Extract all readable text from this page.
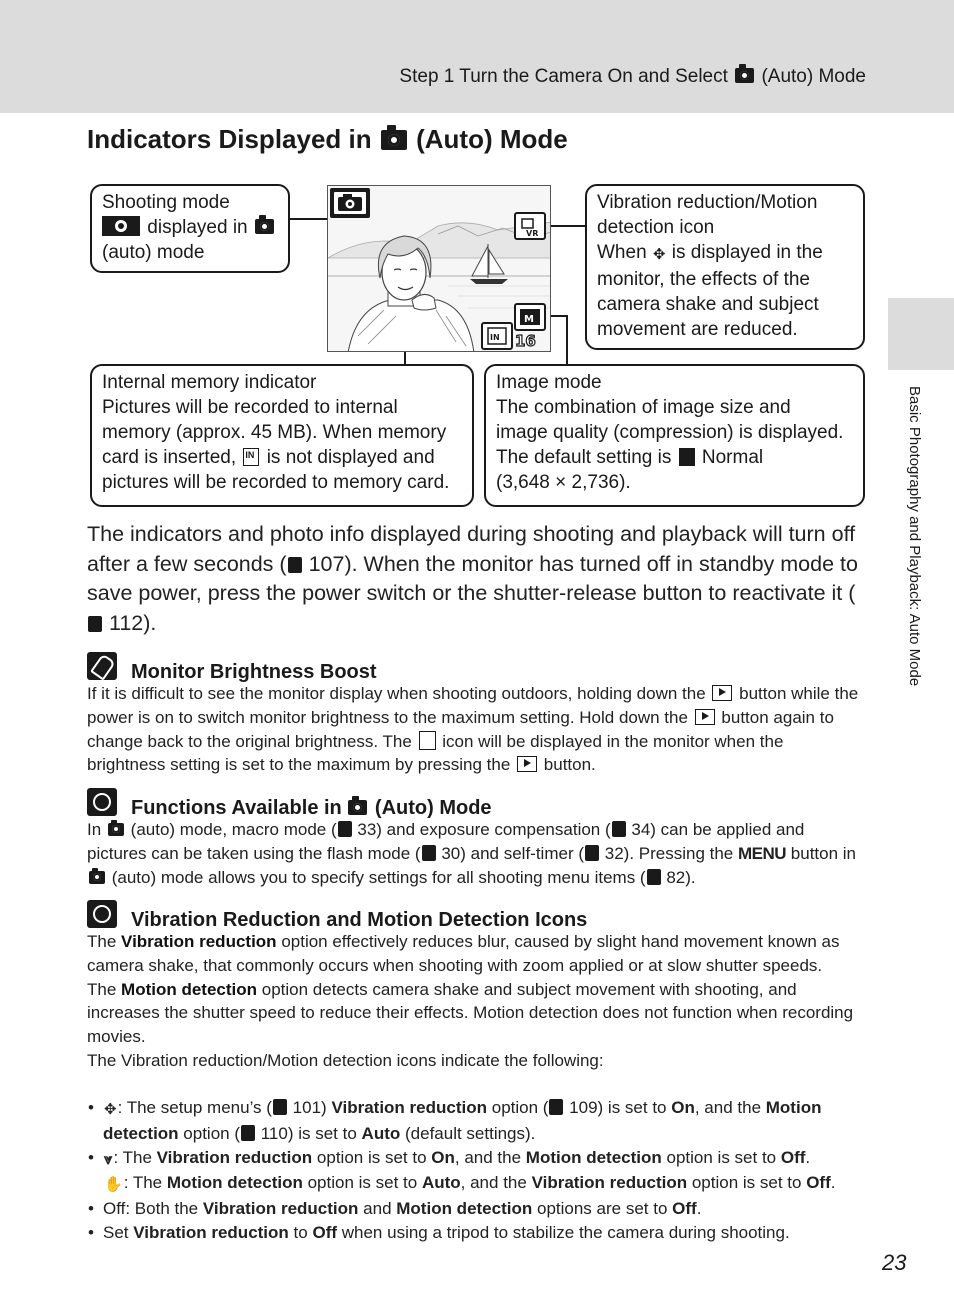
Step 1 Turn the Camera On and Select (Auto) Mode
Indicators Displayed in (Auto) Mode
Basic Photography and Playback: Auto Mode
VR
M
IN 16
Shooting mode
displayed in
(auto) mode
Vibration reduction/Motion
detection icon
When ✥ is displayed in the
monitor, the effects of the
camera shake and subject
movement are reduced.
Internal memory indicator
Pictures will be recorded to internal
memory (approx. 45 MB). When memory
card is inserted, IN is not displayed and
pictures will be recorded to memory card.
Image mode
The combination of image size and
image quality (compression) is displayed.
The default setting is Normal
(3,648 × 2,736).

The indicators and photo info displayed during shooting and playback will turn off after a few seconds ( 107). When the monitor has turned off in standby mode to save power, press the power switch or the shutter-release button to reactivate it ( 112).

Monitor Brightness Boost

If it is difficult to see the monitor display when shooting outdoors, holding down the button while the power is on to switch monitor brightness to the maximum setting. Hold down the button again to change back to the original brightness. The icon will be displayed in the monitor when the brightness setting is set to the maximum by pressing the button.

Functions Available in (Auto) Mode

In (auto) mode, macro mode ( 33) and exposure compensation ( 34) can be applied and pictures can be taken using the flash mode ( 30) and self-timer ( 32). Pressing the MENU button in  (auto) mode allows you to specify settings for all shooting menu items ( 82).

Vibration Reduction and Motion Detection Icons

The Vibration reduction option effectively reduces blur, caused by slight hand movement known as camera shake, that commonly occurs when shooting with zoom applied or at slow shutter speeds.

The Motion detection option detects camera shake and subject movement with shooting, and increases the shutter speed to reduce their effects. Motion detection does not function when recording movies.

The Vibration reduction/Motion detection icons indicate the following:

• ✥: The setup menu’s ( 101) Vibration reduction option ( 109) is set to On, and the Motion detection option ( 110) is set to Auto (default settings).
• ⩔: The Vibration reduction option is set to On, and the Motion detection option is set to Off.
✋: The Motion detection option is set to Auto, and the Vibration reduction option is set to Off.
• Off: Both the Vibration reduction and Motion detection options are set to Off.
• Set Vibration reduction to Off when using a tripod to stabilize the camera during shooting.
23
